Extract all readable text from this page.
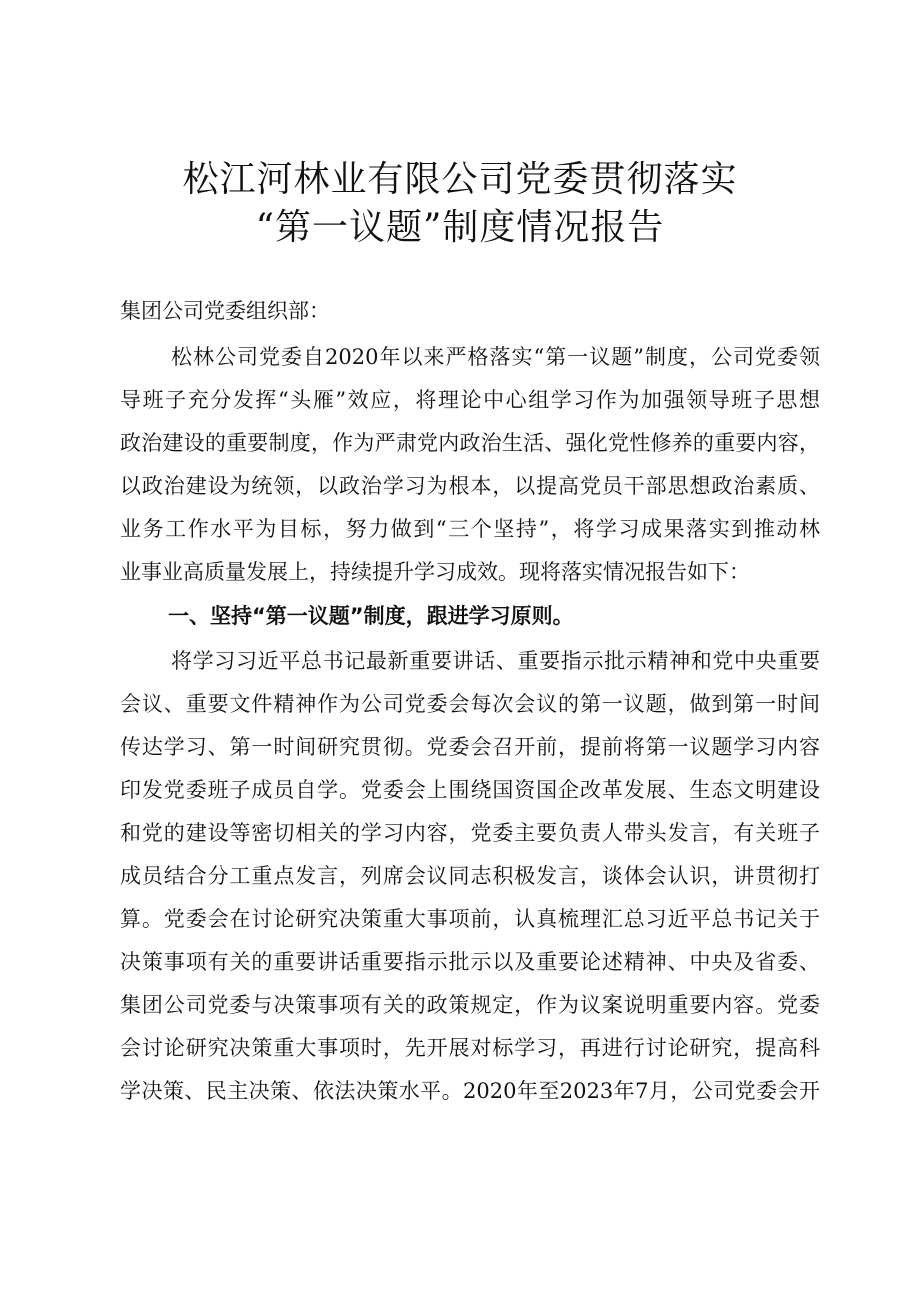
松江河林业有限公司党委贯彻落实
“第一议题”制度情况报告
集团公司党委组织部：
松林公司党委自2020年以来严格落实“第一议题”制度，公司党委领
导班子充分发挥“头雁”效应，将理论中心组学习作为加强领导班子思想
政治建设的重要制度，作为严肃党内政治生活、强化党性修养的重要内容，
以政治建设为统领，以政治学习为根本，以提高党员干部思想政治素质、
业务工作水平为目标，努力做到“三个坚持”，将学习成果落实到推动林
业事业高质量发展上，持续提升学习成效。现将落实情况报告如下：
一、坚持“第一议题”制度，跟进学习原则。
将学习习近平总书记最新重要讲话、重要指示批示精神和党中央重要
会议、重要文件精神作为公司党委会每次会议的第一议题，做到第一时间
传达学习、第一时间研究贯彻。党委会召开前，提前将第一议题学习内容
印发党委班子成员自学。党委会上围绕国资国企改革发展、生态文明建设
和党的建设等密切相关的学习内容，党委主要负责人带头发言，有关班子
成员结合分工重点发言，列席会议同志积极发言，谈体会认识，讲贯彻打
算。党委会在讨论研究决策重大事项前，认真梳理汇总习近平总书记关于
决策事项有关的重要讲话重要指示批示以及重要论述精神、中央及省委、
集团公司党委与决策事项有关的政策规定，作为议案说明重要内容。党委
会讨论研究决策重大事项时，先开展对标学习，再进行讨论研究，提高科
学决策、民主决策、依法决策水平。2020年至2023年7月，公司党委会开
